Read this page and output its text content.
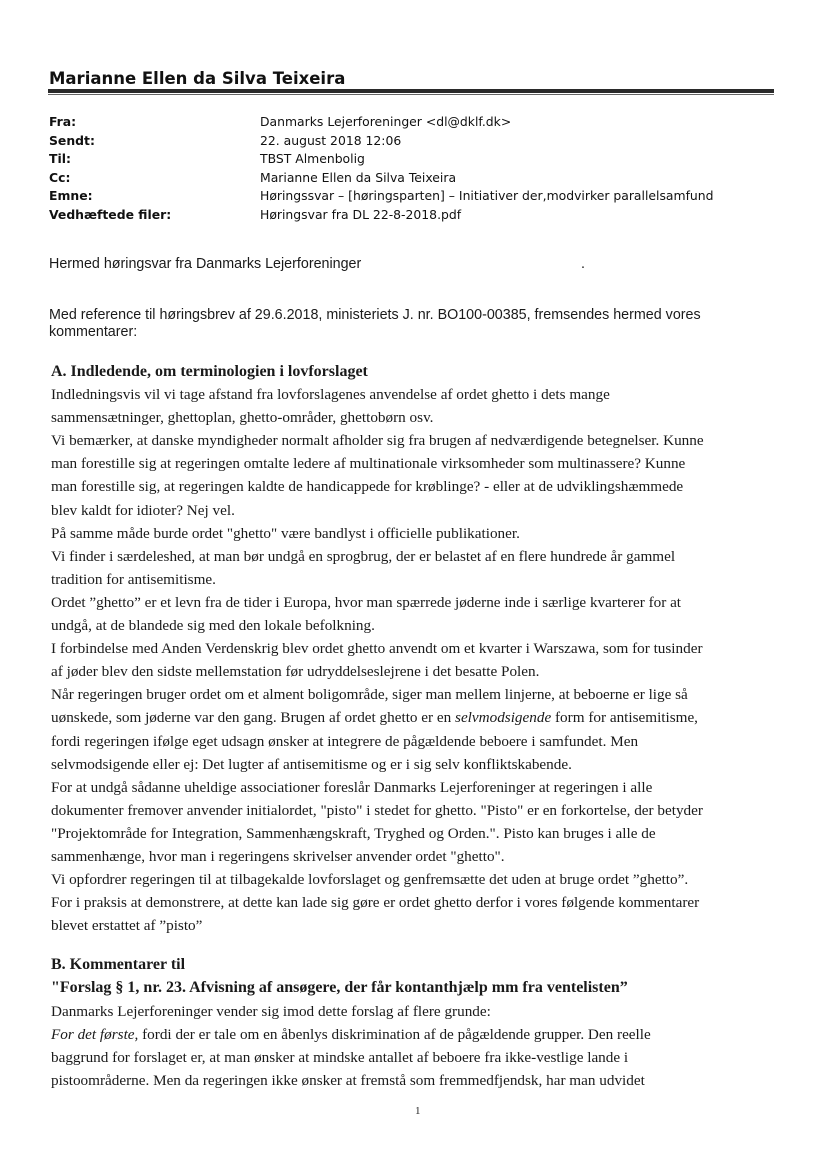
Marianne Ellen da Silva Teixeira
Fra:	Danmarks Lejerforeninger <dl@dklf.dk>
Sendt:	22. august 2018 12:06
Til:	TBST Almenbolig
Cc:	Marianne Ellen da Silva Teixeira
Emne:	Høringssvar – [høringsparten] – Initiativer der,modvirker parallelsamfund
Vedhæftede filer:	Høringsvar fra DL 22-8-2018.pdf
Hermed høringsvar fra Danmarks Lejerforeninger	.
Med reference til høringsbrev af 29.6.2018, ministeriets J. nr. BO100-00385, fremsendes hermed vores
kommentarer:
A. Indledende, om terminologien i lovforslaget
Indledningsvis vil vi tage afstand fra lovforslagenes anvendelse af ordet ghetto i dets mange
sammensætninger, ghettoplan, ghetto-områder, ghettobørn osv.
Vi bemærker, at danske myndigheder normalt afholder sig fra brugen af nedværdigende betegnelser. Kunne
man forestille sig at regeringen omtalte ledere af multinationale virksomheder som multinassere? Kunne
man forestille sig, at regeringen kaldte de handicappede for krøblinge? - eller at de udviklingshæmmede
blev kaldt for idioter? Nej vel.
På samme måde burde ordet "ghetto" være bandlyst i officielle publikationer.
Vi finder i særdeleshed, at man bør undgå en sprogbrug, der er belastet af en flere hundrede år gammel
tradition for antisemitisme.
Ordet ”ghetto” er et levn fra de tider i Europa, hvor man spærrede jøderne inde i særlige kvarterer for at
undgå, at de blandede sig med den lokale befolkning.
I forbindelse med Anden Verdenskrig blev ordet ghetto anvendt om et kvarter i Warszawa, som for tusinder
af jøder blev den sidste mellemstation før udryddelseslejrene i det besatte Polen.
Når regeringen bruger ordet om et alment boligområde, siger man mellem linjerne, at beboerne er lige så
uønskede, som jøderne var den gang. Brugen af ordet ghetto er en selvmodsigende form for antisemitisme,
fordi regeringen ifølge eget udsagn ønsker at integrere de pågældende beboere i samfundet. Men
selvmodsigende eller ej: Det lugter af antisemitisme og er i sig selv konfliktskabende.
For at undgå sådanne uheldige associationer foreslår Danmarks Lejerforeninger at regeringen i alle
dokumenter fremover anvender initialordet, "pisto" i stedet for ghetto. "Pisto" er en forkortelse, der betyder
"Projektområde for Integration, Sammenhængskraft, Tryghed og Orden.". Pisto kan bruges i alle de
sammenhænge, hvor man i regeringens skrivelser anvender ordet "ghetto".
Vi opfordrer regeringen til at tilbagekalde lovforslaget og genfremsætte det uden at bruge ordet ”ghetto”.
For i praksis at demonstrere, at dette kan lade sig gøre er ordet ghetto derfor i vores følgende kommentarer
blevet erstattet af ”pisto”
B. Kommentarer til
"Forslag § 1, nr. 23. Afvisning af ansøgere, der får kontanthjælp mm fra ventelisten”
Danmarks Lejerforeninger vender sig imod dette forslag af flere grunde:
For det første, fordi der er tale om en åbenlys diskrimination af de pågældende grupper. Den reelle
baggrund for forslaget er, at man ønsker at mindske antallet af beboere fra ikke-vestlige lande i
pistoområderne. Men da regeringen ikke ønsker at fremstå som fremmedfjendsk, har man udvidet
1
